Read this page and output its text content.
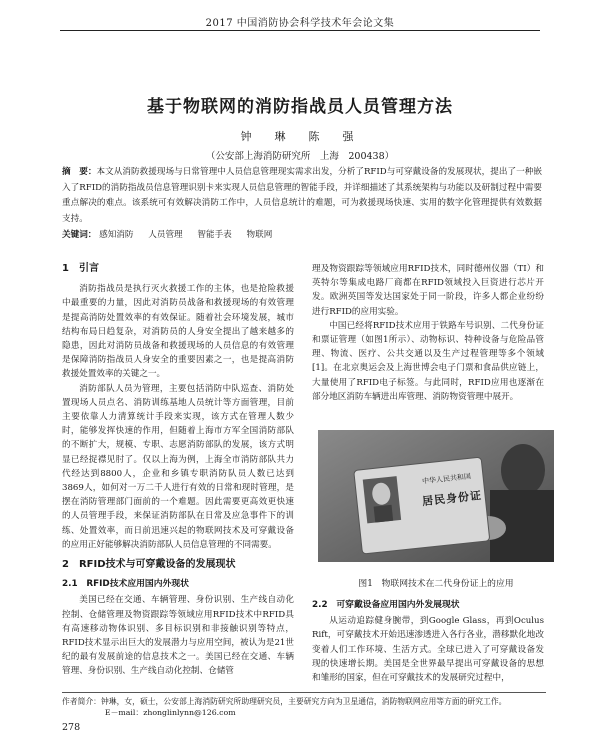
2017 中国消防协会科学技术年会论文集
基于物联网的消防指战员人员管理方法
钟　琳　陈　强
（公安部上海消防研究所　上海　200438）
摘　要：本文从消防救援现场与日常管理中人员信息管理现实需求出发，分析了RFID与可穿戴设备的发展现状，提出了一种嵌入了RFID的消防指战员信息管理识别卡来实现人员信息管理的智能手段，并详细描述了其系统架构与功能以及研制过程中需要重点解决的难点。该系统可有效解决消防工作中，人员信息统计的难题，可为救援现场快速、实用的数字化管理提供有效数据支持。
关键词： 感知消防 人员管理 智能手表 物联网
1　引言

消防指战员是执行灭火救援工作的主体，也是抢险救援中最重要的力量，因此对消防员战备和救援现场的有效管理是提高消防处置效率的有效保证。随着社会环境发展，城市结构布局日趋复杂，对消防员的人身安全提出了越来越多的隐患，因此对消防员战备和救援现场的人员信息的有效管理是保障消防指战员人身安全的重要因素之一，也是提高消防救援处置效率的关键之一。

消防部队人员为管理，主要包括消防中队巡查、消防处置现场人员点名、消防训练基地人员统计等方面管理，目前主要依靠人力清算统计手段来实现，该方式在管理人数少时，能够发挥快速的作用，但随着上海市方军全国消防部队的不断扩大，规模、专职、志愿消防部队的发展，该方式明显已经捉襟见肘了。仅以上海为例，上海全市消防部队共力代经达到8800人，企业和乡镇专职消防队员人数已达到3869人，如何对一万二千人进行有效的日常和现时管理，是摆在消防管理部门面前的一个难题。因此需要更高效更快速的人员管理手段，来保证消防部队在日常及应急事件下的训练、处置效率，而日前迅速兴起的物联网技术及可穿戴设备的应用正好能够解决消防部队人员信息管理的不同需要。

2　RFID技术与可穿戴设备的发展现状
2.1　RFID技术应用国内外现状

美国已经在交通、车辆管理、身份识别、生产线自动化控制、仓储管理及物资跟踪等领域应用RFID技术中RFID具有高速移动物体识别、多目标识别和非接触识别等特点，RFID技术显示出巨大的发展潜力与应用空间，被认为是21世纪的最有发展前途的信息技术之一。美国已经在交通、车辆管理、身份识别、生产线自动化控制、仓储管

理及物资跟踪等领域应用RFID技术，同时德州仪器（TI）和英特尔等集成电路厂商都在RFID领域投入巨资进行芯片开发。欧洲英国等发达国家处于同一阶段，许多人都企业纷纷进行RFID的应用实验。

中国已经将RFID技术应用于铁路车号识别、二代身份证和票证管理（如图1所示）、动物标识、特种设备与危险品管理、物流、医疗、公共交通以及生产过程管理等多个领域[1]。在北京奥运会及上海世博会电子门票和食品供应链上，大量使用了RFID电子标签。与此同时，RFID应用也逐渐在部分地区消防车辆进出库管理、消防物资管理中展开。

中华人民共和国
居民身份证
图1　物联网技术在二代身份证上的应用
2.2　可穿戴设备应用国内外发展现状

从运动追踪健身腕带，到Google Glass，再到Oculus Rift，可穿戴技术开始迅速渗透进入各行各业，潜移默化地改变着人们工作环境、生活方式。全球已进入了可穿戴设备发现的快速增长期。美国是全世界最早提出可穿戴设备的思想和雏形的国家，但在可穿戴技术的发展研究过程中，

作者简介：钟琳，女，硕士，公安部上海消防研究所助理研究员，主要研究方向为卫星通信，消防物联网应用等方面的研究工作。
E－mail：zhonglinlynn@126.com
278
